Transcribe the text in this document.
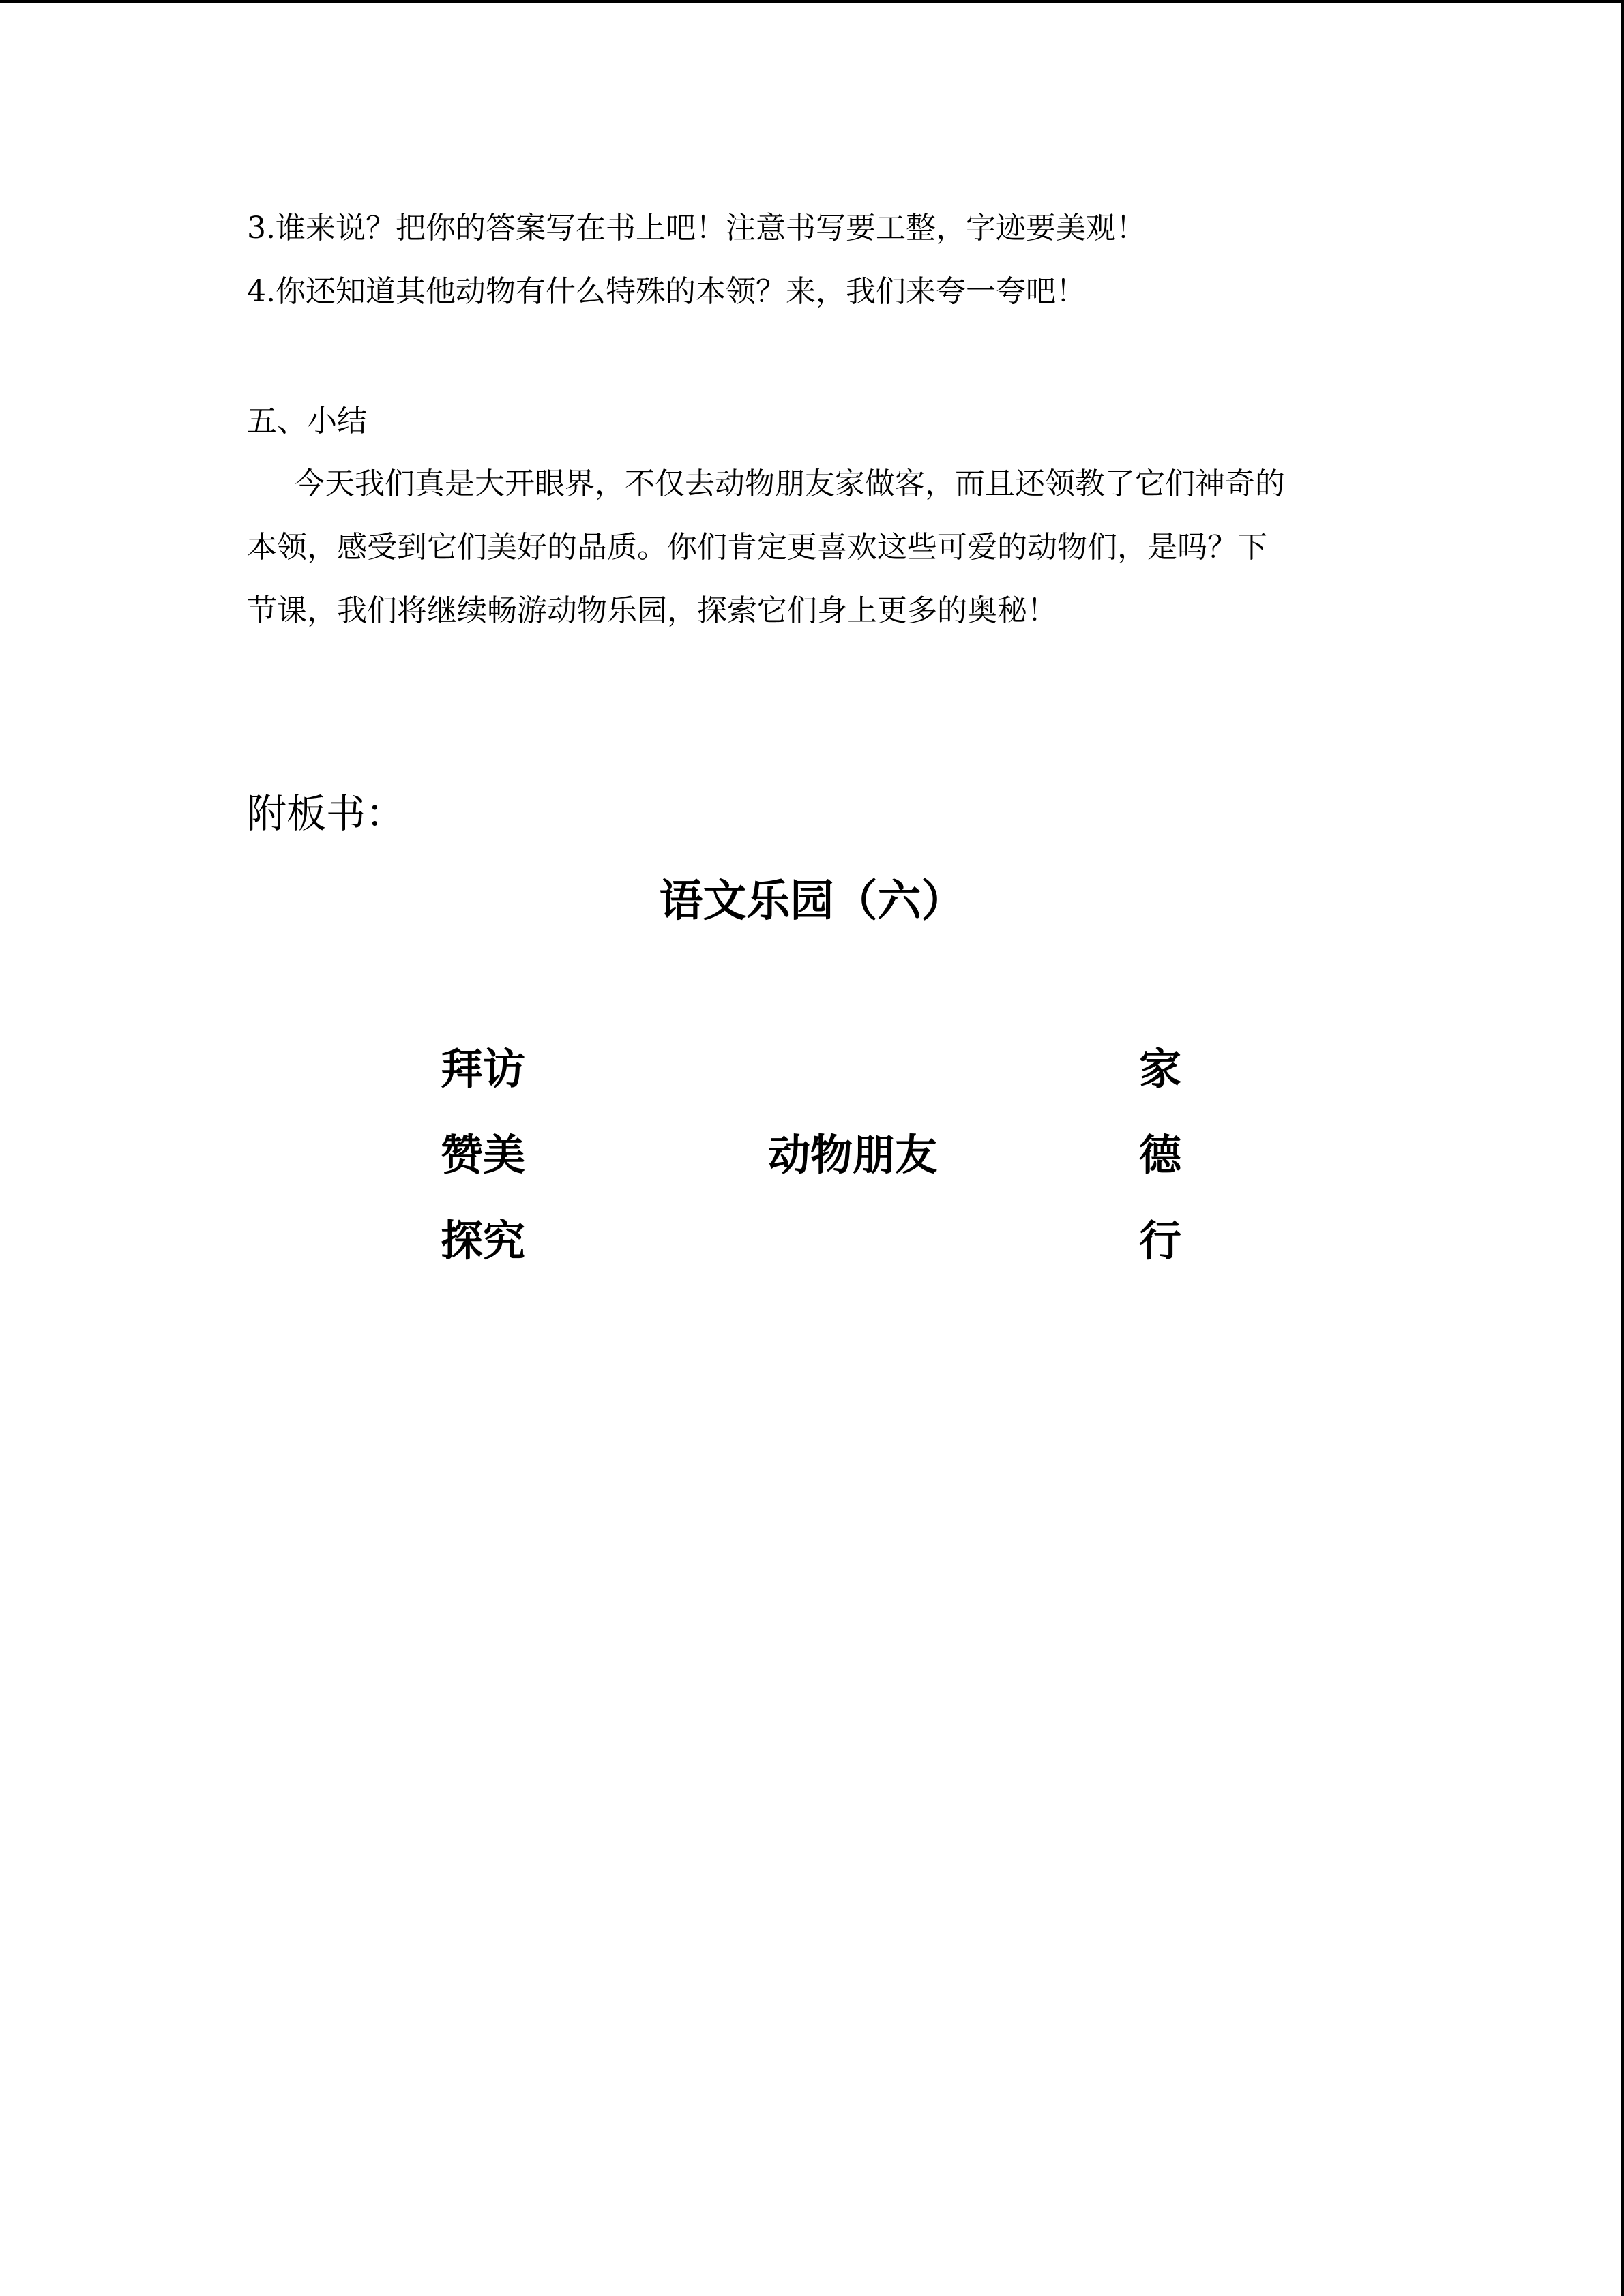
3.谁来说？把你的答案写在书上吧！注意书写要工整，字迹要美观！
4.你还知道其他动物有什么特殊的本领？来，我们来夸一夸吧！
五、小结
今天我们真是大开眼界，不仅去动物朋友家做客，而且还领教了它们神奇的
本领，感受到它们美好的品质。你们肯定更喜欢这些可爱的动物们，是吗？下
节课，我们将继续畅游动物乐园，探索它们身上更多的奥秘！
附板书：
语文乐园（六）
拜访
赞美
探究
动物朋友
家
德
行
